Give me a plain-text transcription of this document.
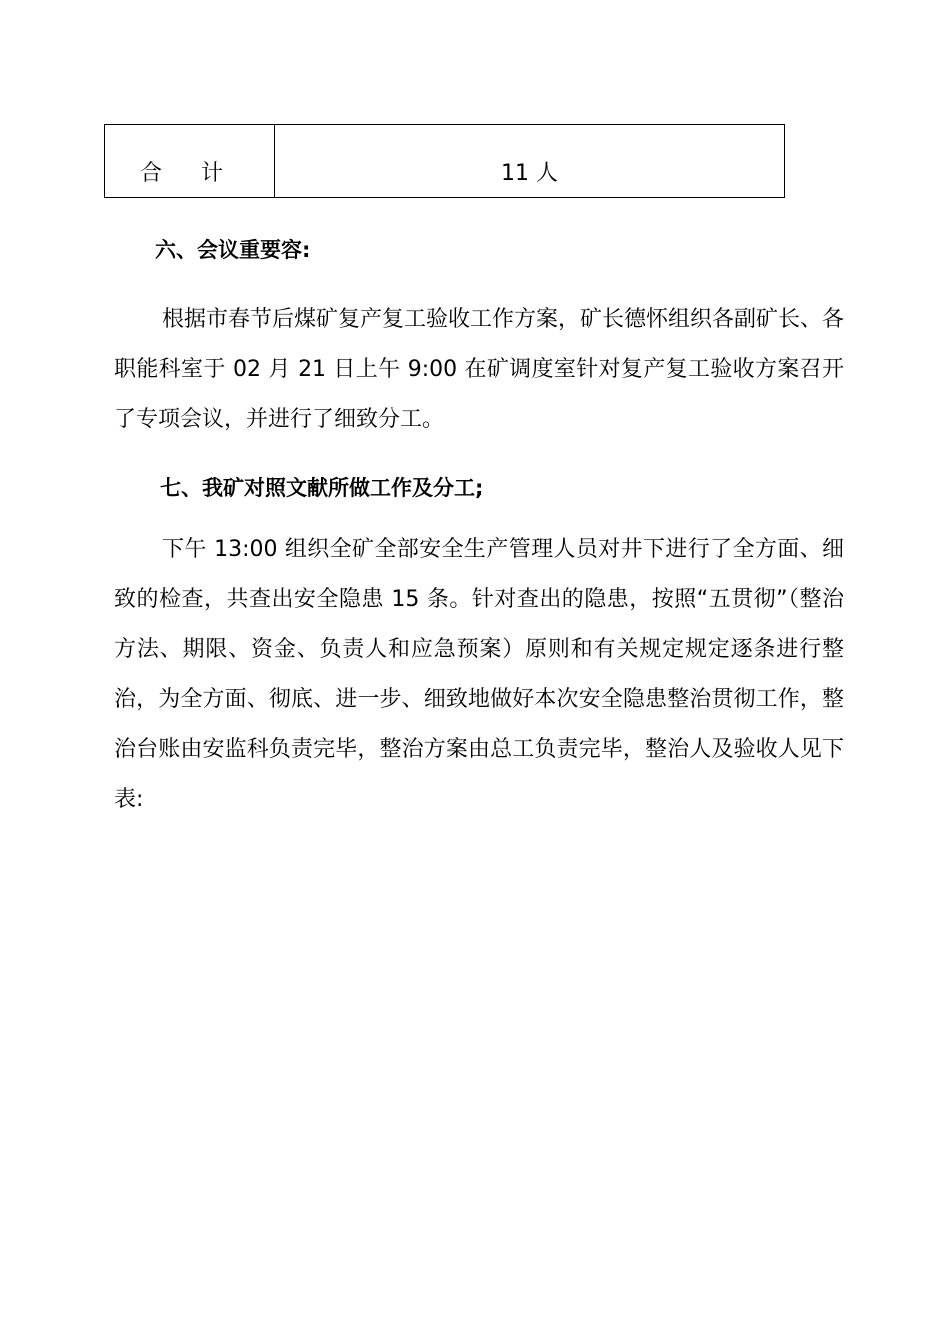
合 计	11 人
六、会议重要容:

根据市春节后煤矿复产复工验收工作方案，矿长德怀组织各副矿长、各职能科室于 02 月 21 日上午 9:00 在矿调度室针对复产复工验收方案召开了专项会议，并进行了细致分工。

七、我矿对照文献所做工作及分工;

下午 13:00 组织全矿全部安全生产管理人员对井下进行了全方面、细致的检查，共查出安全隐患 15 条。针对查出的隐患，按照“五贯彻”（整治方法、期限、资金、负责人和应急预案）原则和有关规定规定逐条进行整治，为全方面、彻底、进一步、细致地做好本次安全隐患整治贯彻工作，整治台账由安监科负责完毕，整治方案由总工负责完毕，整治人及验收人见下表:
